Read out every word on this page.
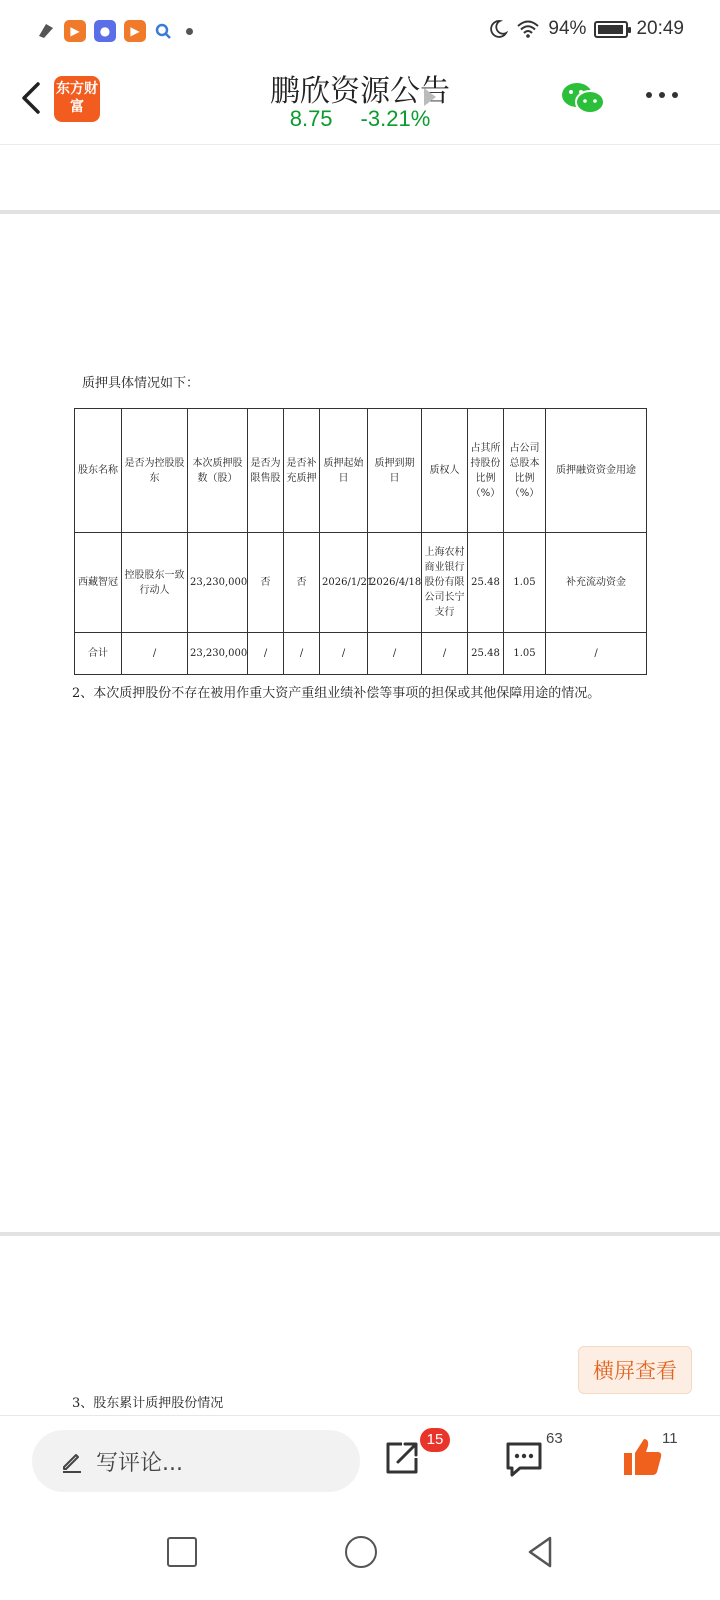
▶	●	▶	94%	20:49
东方财富	鹏欣资源公告
8.75 -3.21%
质押具体情况如下：
股东名称	是否为控股股东	本次质押股数（股）	是否为限售股	是否补充质押	质押起始日	质押到期日	质权人	占其所持股份比例（%）	占公司总股本比例（%）	质押融资资金用途
西藏智冠	控股股东一致行动人	23,230,000	否	否	2026/1/21	2026/4/18	上海农村商业银行股份有限公司长宁支行	25.48	1.05	补充流动资金
合计	/	23,230,000	/	/	/	/	/	25.48	1.05	/
2、本次质押股份不存在被用作重大资产重组业绩补偿等事项的担保或其他保障用途的情况。
3、股东累计质押股份情况
横屏查看
写评论...
15	63	11
